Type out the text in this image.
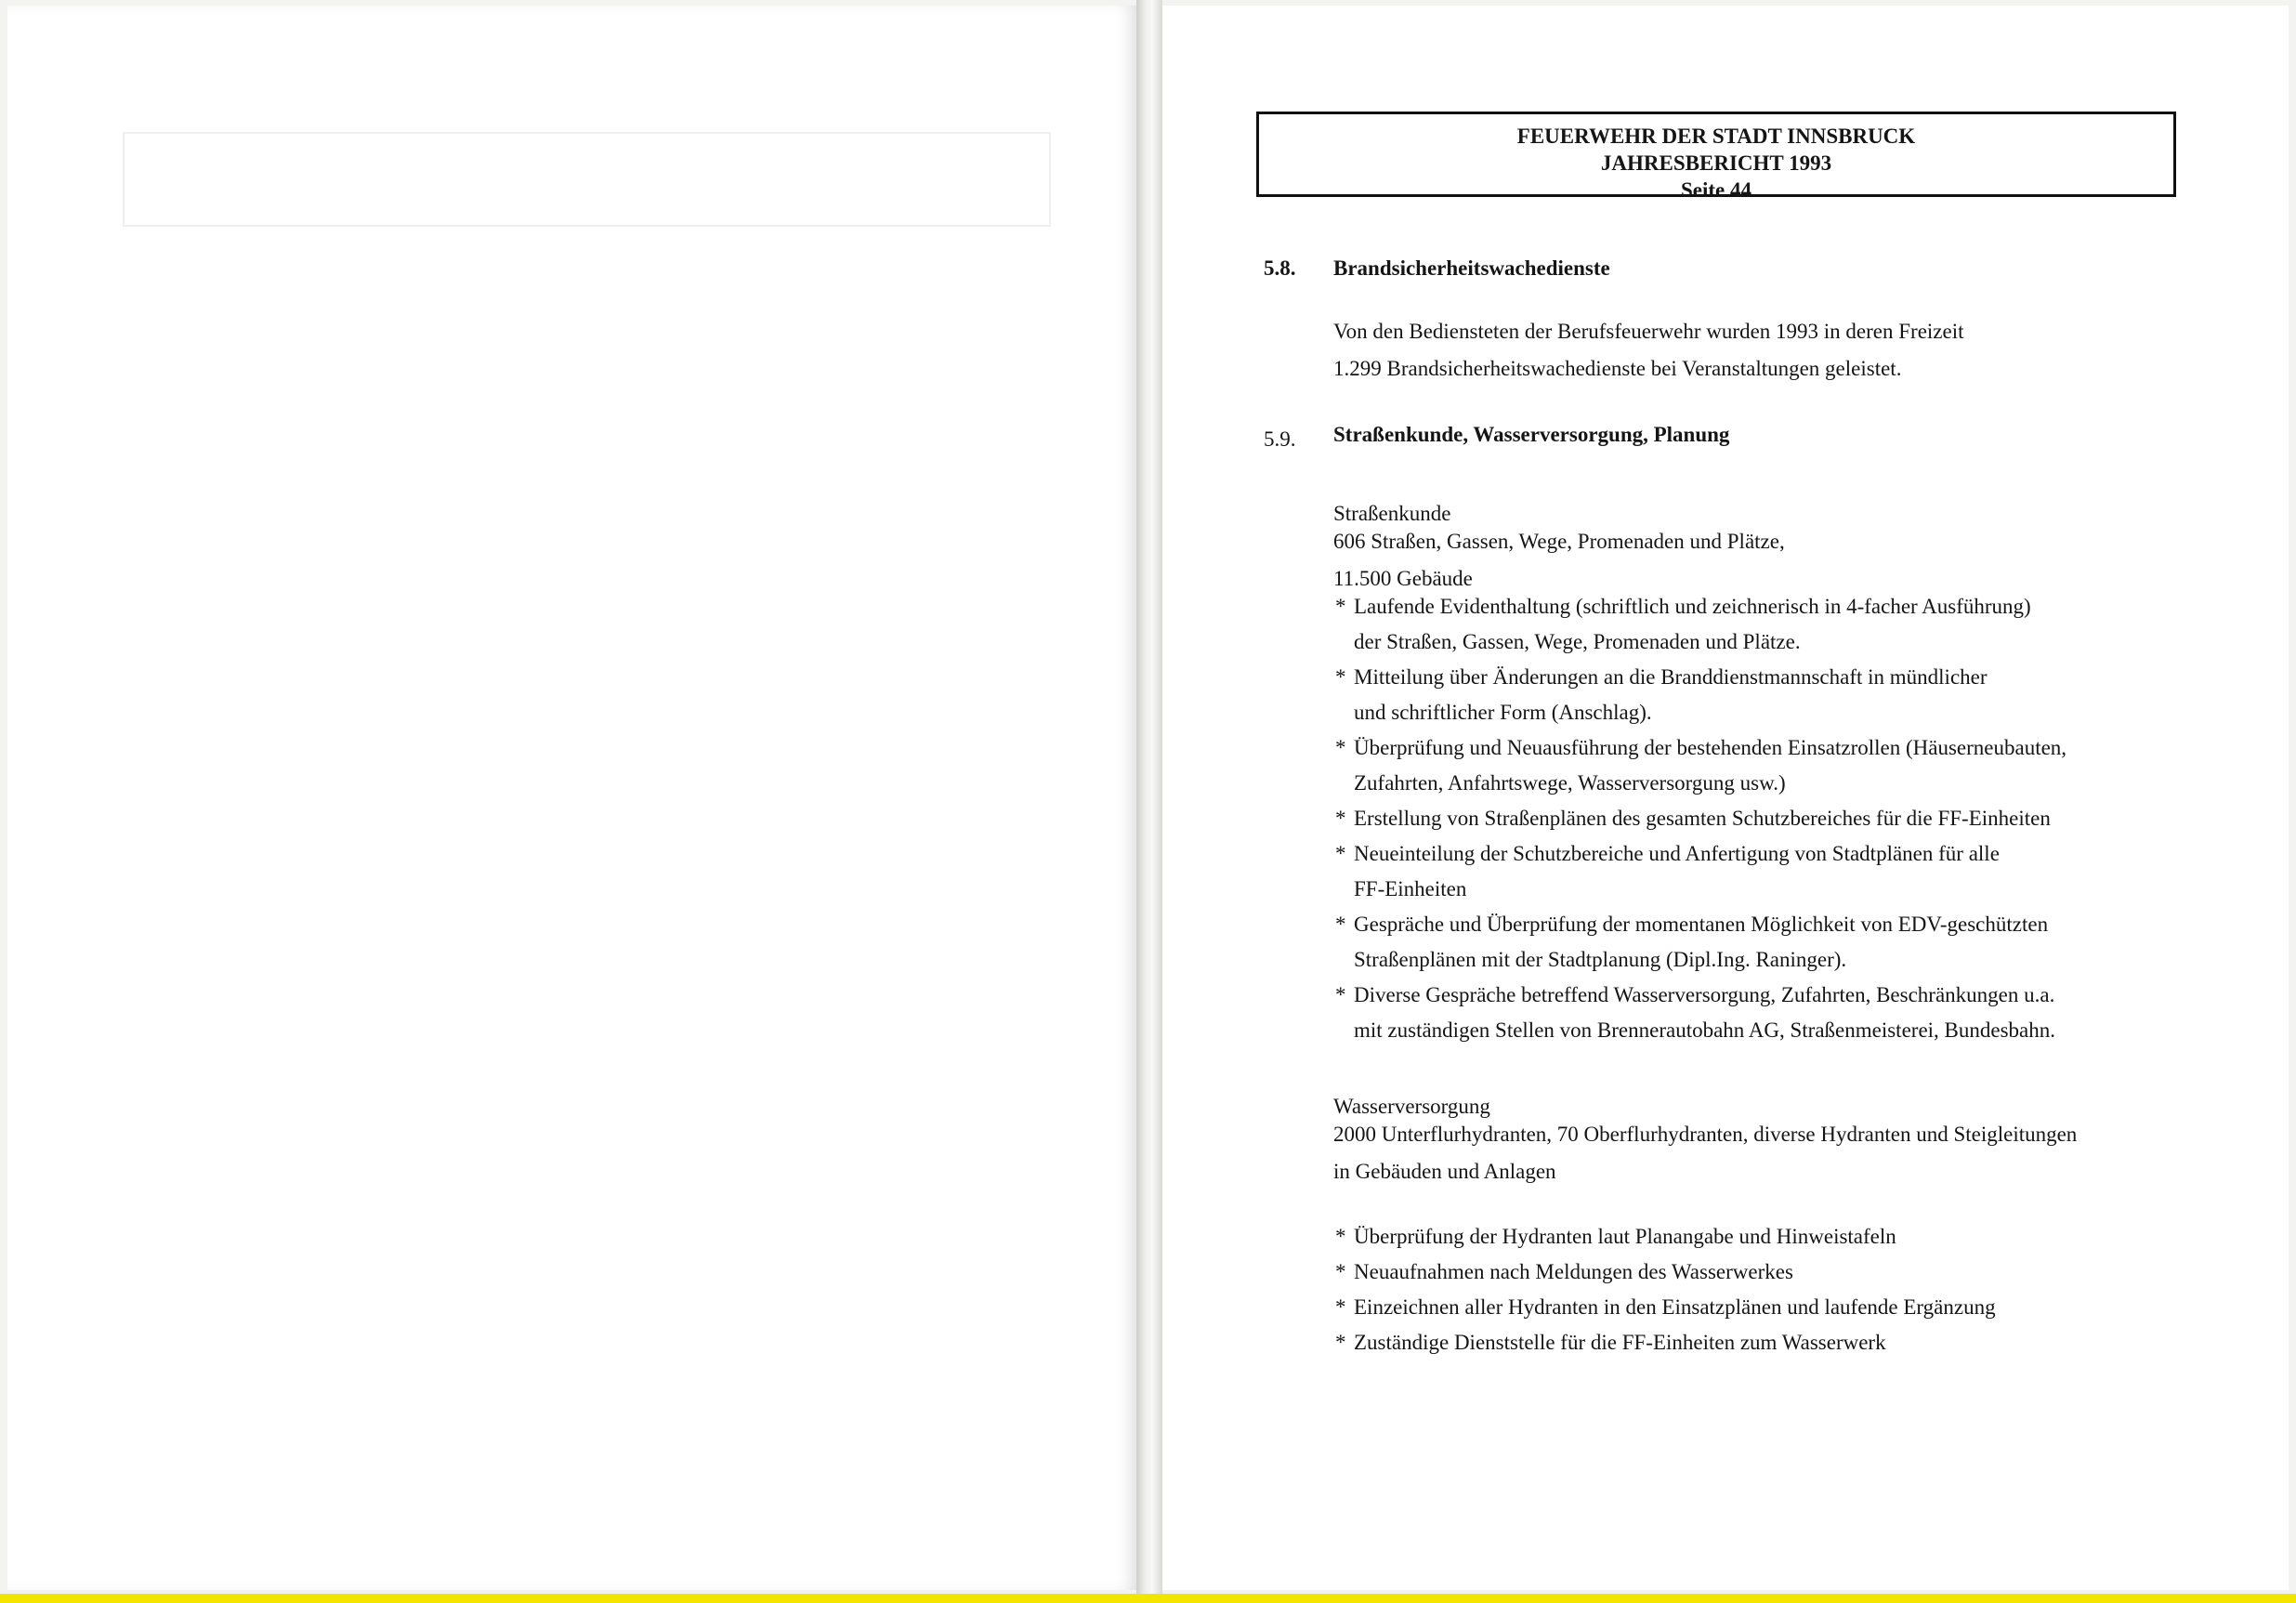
FEUERWEHR DER STADT INNSBRUCK
JAHRESBERICHT 1993
Seite 44
5.8. Brandsicherheitswachedienste
Von den Bediensteten der Berufsfeuerwehr wurden 1993 in deren Freizeit
1.299 Brandsicherheitswachedienste bei Veranstaltungen geleistet.
5.9. Straßenkunde, Wasserversorgung, Planung
Straßenkunde
606 Straßen, Gassen, Wege, Promenaden und Plätze,
11.500 Gebäude
* Laufende Evidenthaltung (schriftlich und zeichnerisch in 4-facher Ausführung)
der Straßen, Gassen, Wege, Promenaden und Plätze.
* Mitteilung über Änderungen an die Branddienstmannschaft in mündlicher
und schriftlicher Form (Anschlag).
* Überprüfung und Neuausführung der bestehenden Einsatzrollen (Häuserneubauten,
Zufahrten, Anfahrtswege, Wasserversorgung usw.)
* Erstellung von Straßenplänen des gesamten Schutzbereiches für die FF-Einheiten
* Neueinteilung der Schutzbereiche und Anfertigung von Stadtplänen für alle
FF-Einheiten
* Gespräche und Überprüfung der momentanen Möglichkeit von EDV-geschützten
Straßenplänen mit der Stadtplanung (Dipl.Ing. Raninger).
* Diverse Gespräche betreffend Wasserversorgung, Zufahrten, Beschränkungen u.a.
mit zuständigen Stellen von Brennerautobahn AG, Straßenmeisterei, Bundesbahn.
Wasserversorgung
2000 Unterflurhydranten, 70 Oberflurhydranten, diverse Hydranten und Steigleitungen
in Gebäuden und Anlagen
* Überprüfung der Hydranten laut Planangabe und Hinweistafeln
* Neuaufnahmen nach Meldungen des Wasserwerkes
* Einzeichnen aller Hydranten in den Einsatzplänen und laufende Ergänzung
* Zuständige Dienststelle für die FF-Einheiten zum Wasserwerk
